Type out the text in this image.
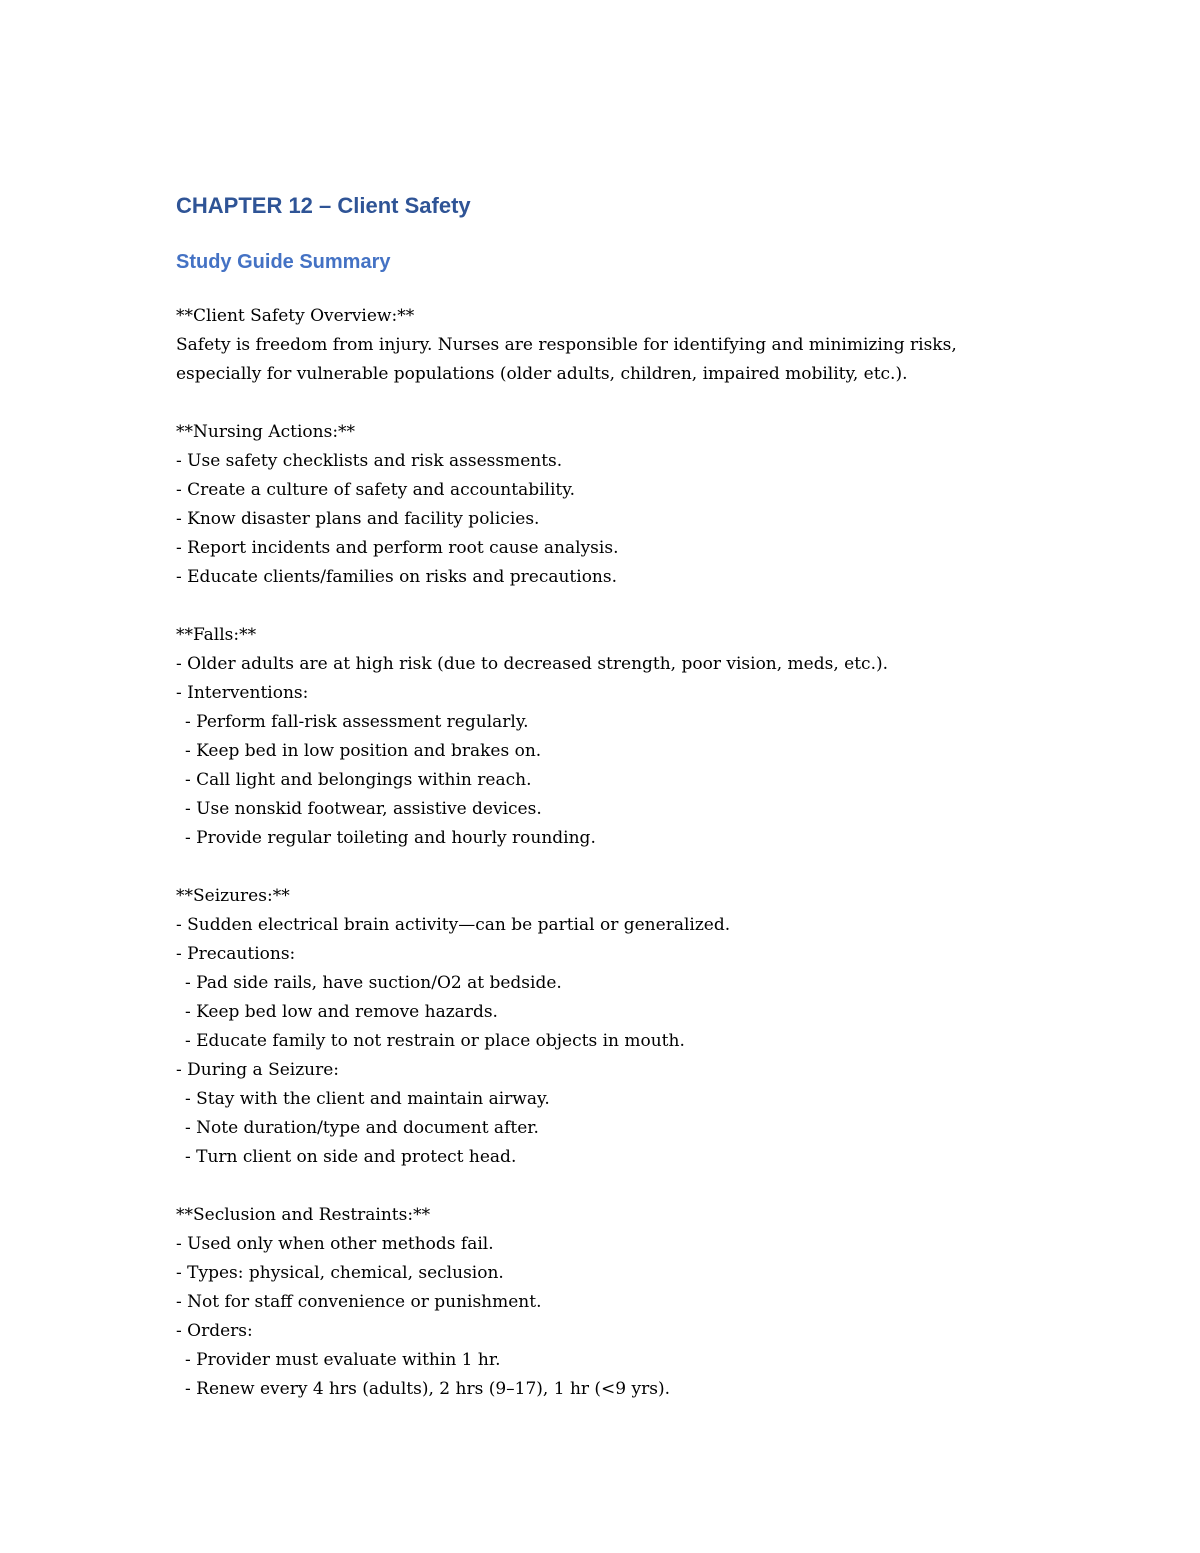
CHAPTER 12 – Client Safety
Study Guide Summary
**Client Safety Overview:**
Safety is freedom from injury. Nurses are responsible for identifying and minimizing risks,
especially for vulnerable populations (older adults, children, impaired mobility, etc.).
**Nursing Actions:**
- Use safety checklists and risk assessments.
- Create a culture of safety and accountability.
- Know disaster plans and facility policies.
- Report incidents and perform root cause analysis.
- Educate clients/families on risks and precautions.
**Falls:**
- Older adults are at high risk (due to decreased strength, poor vision, meds, etc.).
- Interventions:
- Perform fall-risk assessment regularly.
- Keep bed in low position and brakes on.
- Call light and belongings within reach.
- Use nonskid footwear, assistive devices.
- Provide regular toileting and hourly rounding.
**Seizures:**
- Sudden electrical brain activity—can be partial or generalized.
- Precautions:
- Pad side rails, have suction/O2 at bedside.
- Keep bed low and remove hazards.
- Educate family to not restrain or place objects in mouth.
- During a Seizure:
- Stay with the client and maintain airway.
- Note duration/type and document after.
- Turn client on side and protect head.
**Seclusion and Restraints:**
- Used only when other methods fail.
- Types: physical, chemical, seclusion.
- Not for staff convenience or punishment.
- Orders:
- Provider must evaluate within 1 hr.
- Renew every 4 hrs (adults), 2 hrs (9–17), 1 hr (<9 yrs).
